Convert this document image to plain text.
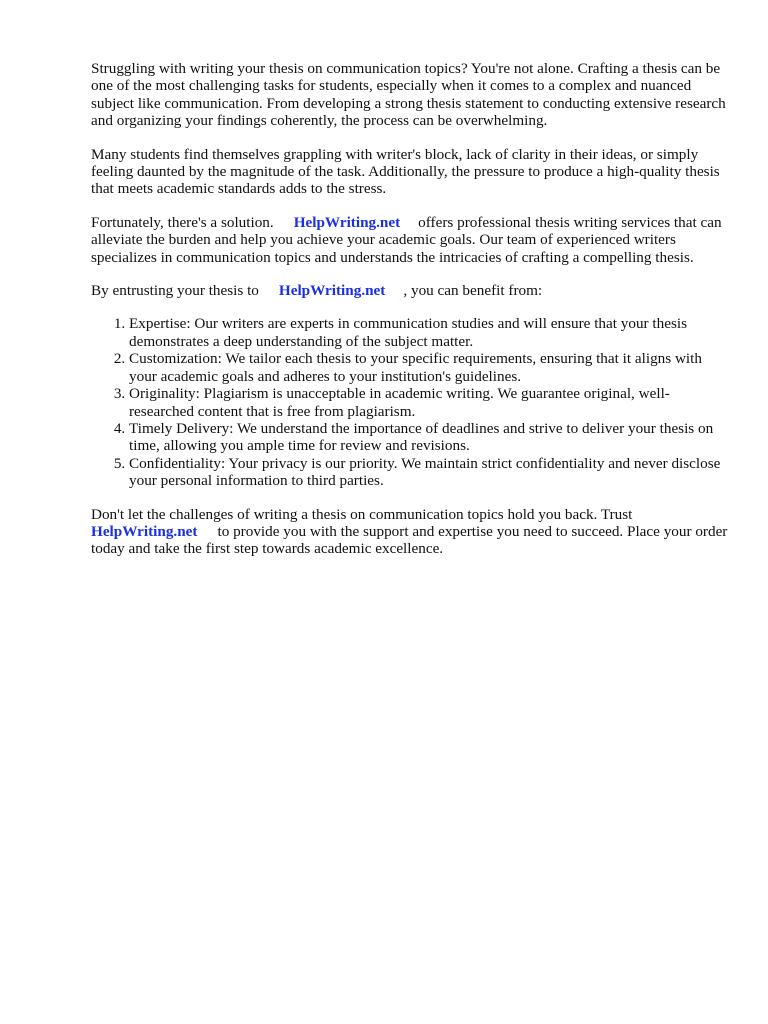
Struggling with writing your thesis on communication topics? You're not alone. Crafting a thesis can be one of the most challenging tasks for students, especially when it comes to a complex and nuanced subject like communication. From developing a strong thesis statement to conducting extensive research and organizing your findings coherently, the process can be overwhelming.

Many students find themselves grappling with writer's block, lack of clarity in their ideas, or simply feeling daunted by the magnitude of the task. Additionally, the pressure to produce a high-quality thesis that meets academic standards adds to the stress.

Fortunately, there's a solution. HelpWriting.net offers professional thesis writing services that can alleviate the burden and help you achieve your academic goals. Our team of experienced writers specializes in communication topics and understands the intricacies of crafting a compelling thesis.

By entrusting your thesis to HelpWriting.net , you can benefit from:

1. Expertise: Our writers are experts in communication studies and will ensure that your thesis demonstrates a deep understanding of the subject matter.
2. Customization: We tailor each thesis to your specific requirements, ensuring that it aligns with your academic goals and adheres to your institution's guidelines.
3. Originality: Plagiarism is unacceptable in academic writing. We guarantee original, well-researched content that is free from plagiarism.
4. Timely Delivery: We understand the importance of deadlines and strive to deliver your thesis on time, allowing you ample time for review and revisions.
5. Confidentiality: Your privacy is our priority. We maintain strict confidentiality and never disclose your personal information to third parties.

Don't let the challenges of writing a thesis on communication topics hold you back. Trust HelpWriting.net to provide you with the support and expertise you need to succeed. Place your order today and take the first step towards academic excellence.
